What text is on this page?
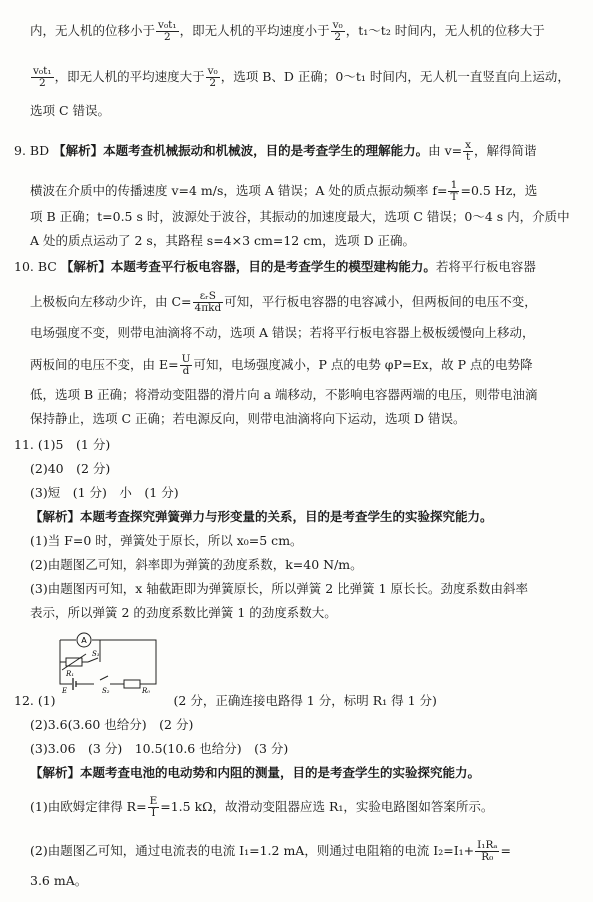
内，无人机的位移小于 $\frac{\text{v₀t₁}}{2}$ ，即无人机的平均速度小于 $\frac{\text{v₀}}{2}$ ，t₁～t₂ 时间内，无人机的位移大于
$\frac{\text{v₀t₁}}{2}$ ，即无人机的平均速度大于 $\frac{\text{v₀}}{2}$ ，选项 B、D 正确；0～t₁ 时间内，无人机一直竖直向上运动，
选项 C 错误。
9. BD 【解析】本题考查机械振动和机械波，目的是考查学生的理解能力。由 $v= \frac{x}{t}$ ，解得简谐
横波在介质中的传播速度 v=4 m/s，选项 A 错误；A 处的质点振动频率 $f= \frac{1}{T} =0.5$ Hz，选
项 B 正确；t=0.5 s 时，波源处于波谷，其振动的加速度最大，选项 C 错误；0～4 s 内，介质中
A 处的质点运动了 2 s，其路程 s=4×3 cm=12 cm，选项 D 正确。
10. BC 【解析】本题考查平行板电容器，目的是考查学生的模型建构能力。若将平行板电容器
上极板向左移动少许，由 $C= \frac{\text{εᵣS}}{\text{4πkd}}$ 可知，平行板电容器的电容减小，但两板间的电压不变，
电场强度不变，则带电油滴将不动，选项 A 错误；若将平行板电容器上极板缓慢向上移动，
两板间的电压不变，由 $E= \frac{U}{d}$ 可知，电场强度减小，P 点的电势 φP=Ex，故 P 点的电势降
低，选项 B 正确；将滑动变阻器的滑片向 a 端移动，不影响电容器两端的电压，则带电油滴
保持静止，选项 C 正确；若电源反向，则带电油滴将向下运动，选项 D 错误。
11. (1)5　(1 分)
(2)40　(2 分)
(3)短　(1 分)　小　(1 分)
【解析】本题考查探究弹簧弹力与形变量的关系，目的是考查学生的实验探究能力。
(1)当 F=0 时，弹簧处于原长，所以 x₀=5 cm。
(2)由题图乙可知，斜率即为弹簧的劲度系数，k=40 N/m。
(3)由题图丙可知，x 轴截距即为弹簧原长，所以弹簧 2 比弹簧 1 原长长。劲度系数由斜率
表示，所以弹簧 2 的劲度系数比弹簧 1 的劲度系数大。
A
R₁
S₁
E	S₂	R₀
12. (1)	(2 分，正确连接电路得 1 分，标明 R₁ 得 1 分)
(2)3.6(3.60 也给分)　(2 分)
(3)3.06　(3 分)　10.5(10.6 也给分)　(3 分)
【解析】本题考查电池的电动势和内阻的测量，目的是考查学生的实验探究能力。
(1)由欧姆定律得 $R= \frac{E}{I} =1.5$ kΩ，故滑动变阻器应选 R₁，实验电路图如答案所示。
(2)由题图乙可知，通过电流表的电流 I₁=1.2 mA，则通过电阻箱的电流 $I_2=I_1+ \frac{\text{I₁Rₐ}}{\text{R₀}}$ =
3.6 mA。
